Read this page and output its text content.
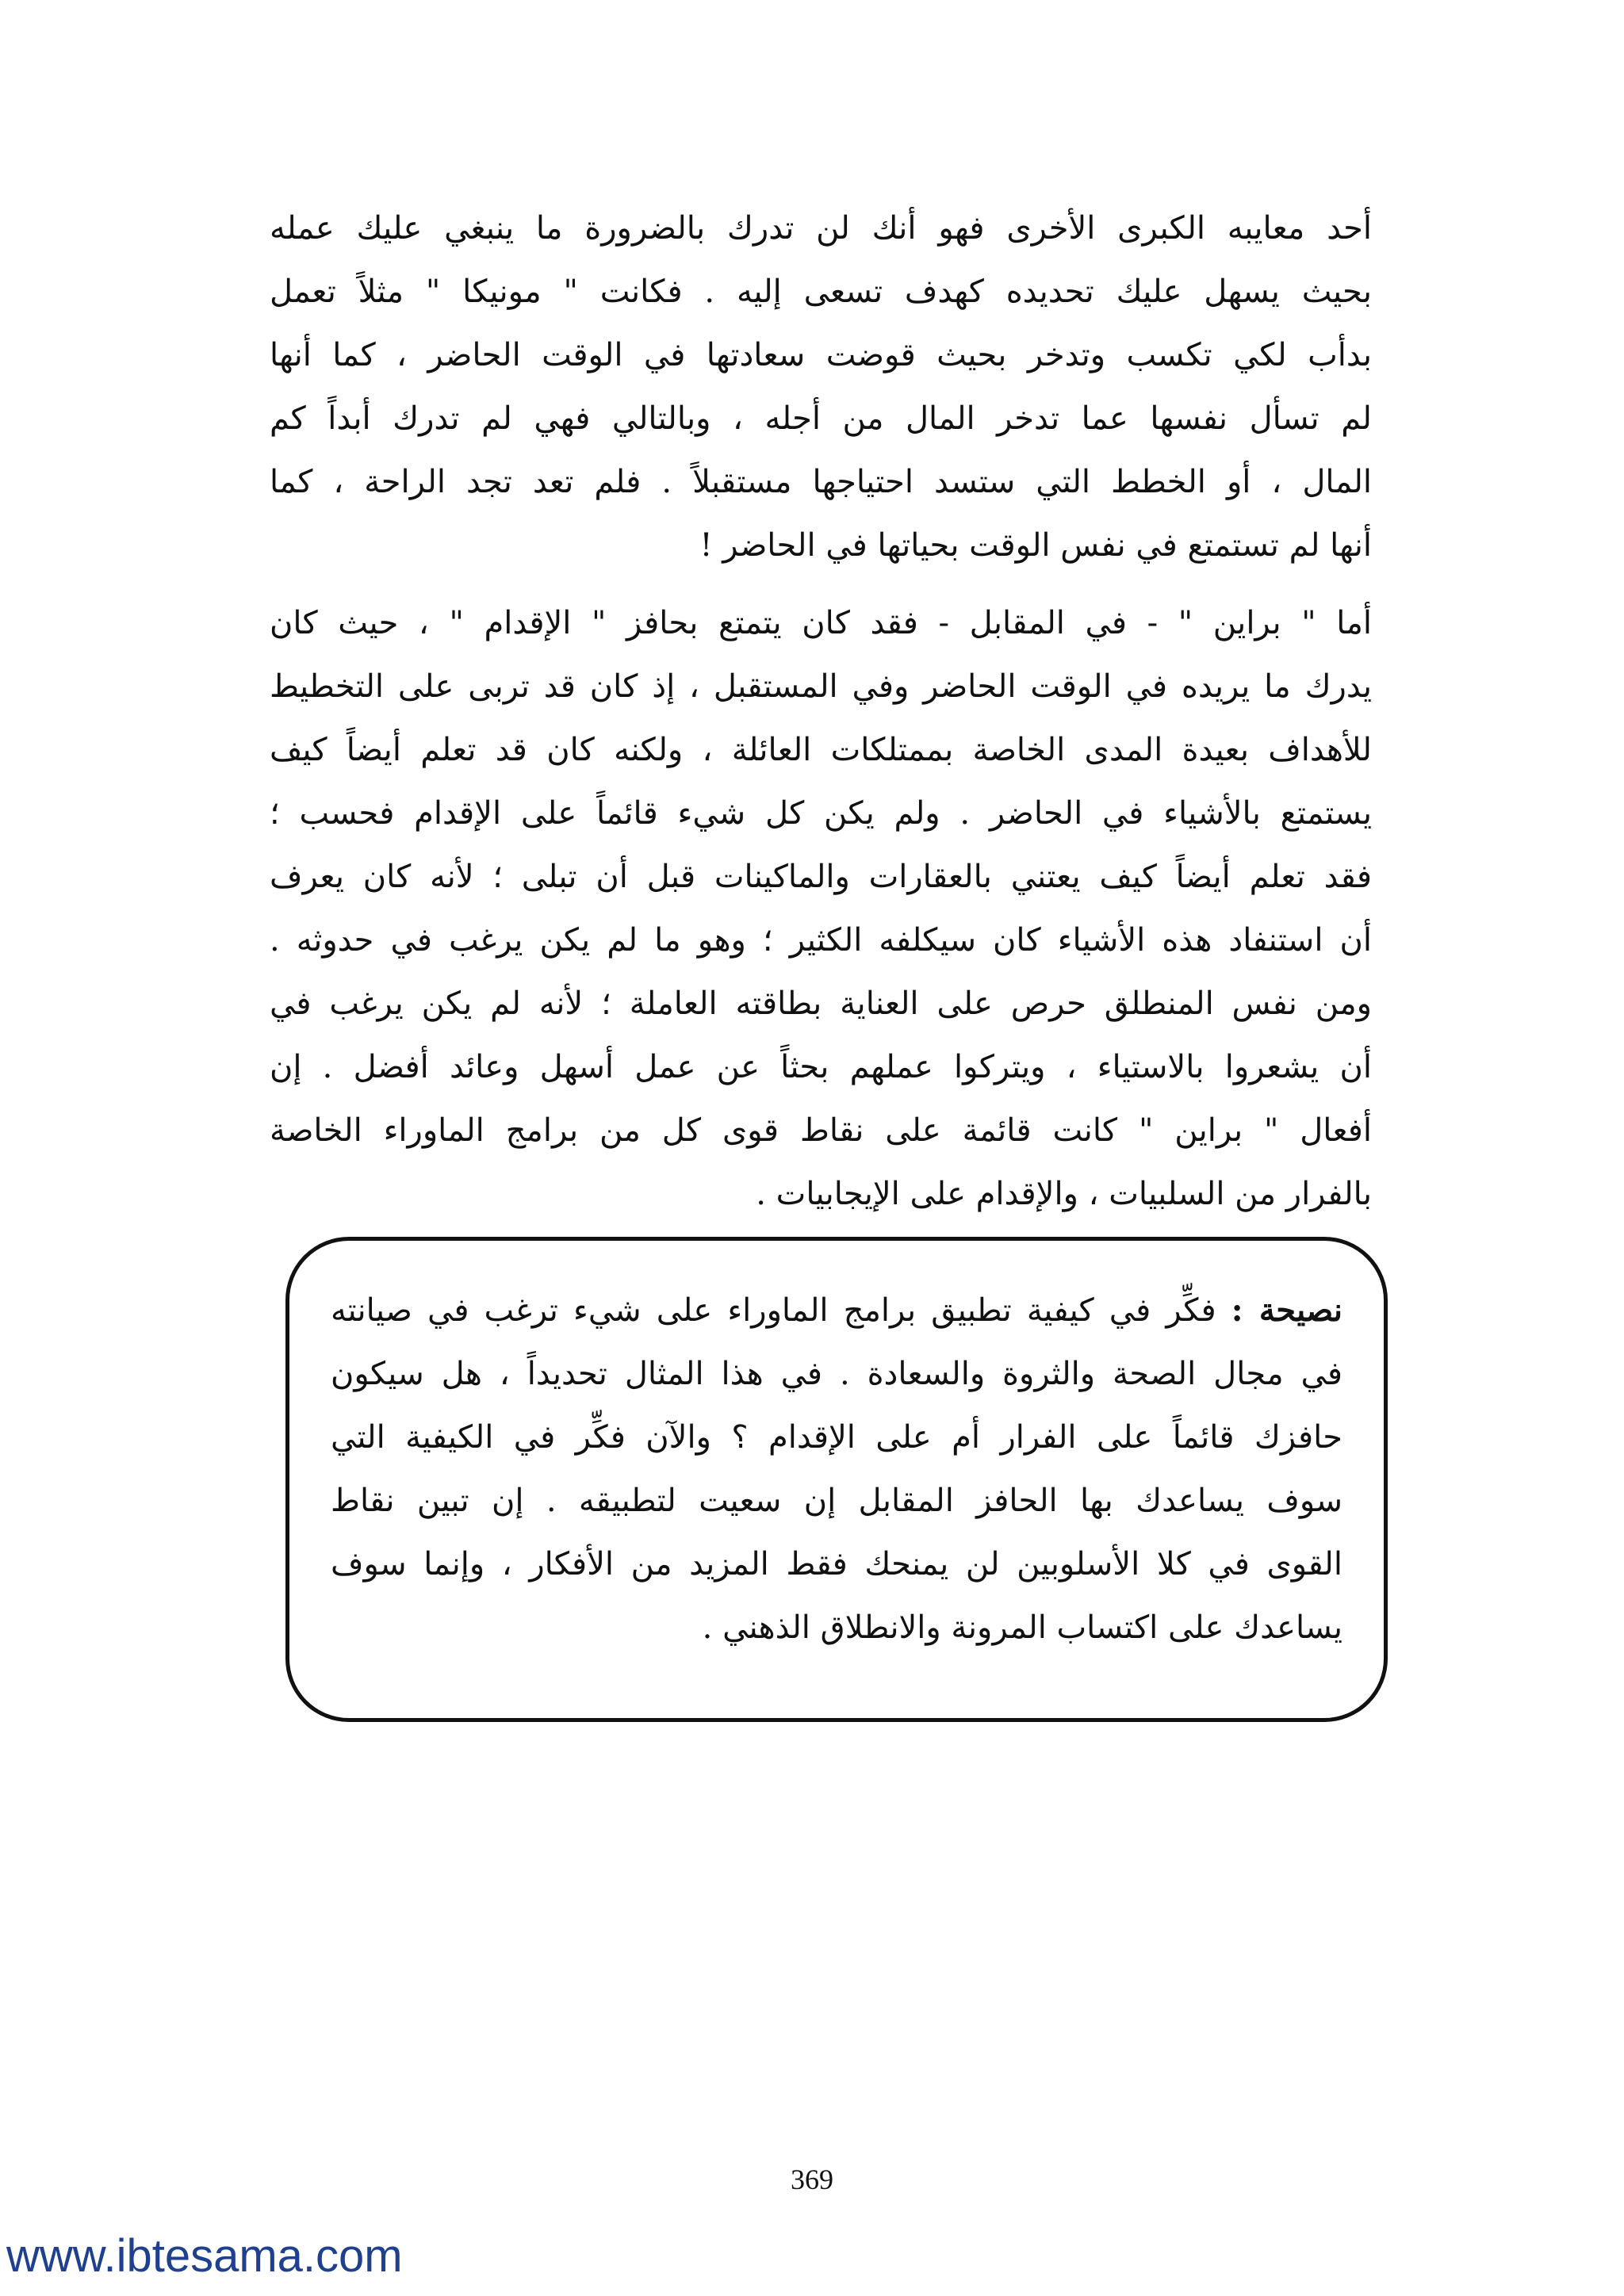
أحد معايبه الكبرى الأخرى فهو أنك لن تدرك بالضرورة ما ينبغي عليك عمله
بحيث يسهل عليك تحديده كهدف تسعى إليه . فكانت " مونيكا " مثلاً تعمل
بدأب لكي تكسب وتدخر بحيث قوضت سعادتها في الوقت الحاضر ، كما أنها
لم تسأل نفسها عما تدخر المال من أجله ، وبالتالي فهي لم تدرك أبداً كم
المال ، أو الخطط التي ستسد احتياجها مستقبلاً . فلم تعد تجد الراحة ، كما
أنها لم تستمتع في نفس الوقت بحياتها في الحاضر !
أما " براين " - في المقابل - فقد كان يتمتع بحافز " الإقدام " ، حيث كان
يدرك ما يريده في الوقت الحاضر وفي المستقبل ، إذ كان قد تربى على التخطيط
للأهداف بعيدة المدى الخاصة بممتلكات العائلة ، ولكنه كان قد تعلم أيضاً كيف
يستمتع بالأشياء في الحاضر . ولم يكن كل شيء قائماً على الإقدام فحسب ؛
فقد تعلم أيضاً كيف يعتني بالعقارات والماكينات قبل أن تبلى ؛ لأنه كان يعرف
أن استنفاد هذه الأشياء كان سيكلفه الكثير ؛ وهو ما لم يكن يرغب في حدوثه .
ومن نفس المنطلق حرص على العناية بطاقته العاملة ؛ لأنه لم يكن يرغب في
أن يشعروا بالاستياء ، ويتركوا عملهم بحثاً عن عمل أسهل وعائد أفضل . إن
أفعال " براين " كانت قائمة على نقاط قوى كل من برامج الماوراء الخاصة
بالفرار من السلبيات ، والإقدام على الإيجابيات .
نصيحة : فكِّر في كيفية تطبيق برامج الماوراء على شيء ترغب في صيانته
في مجال الصحة والثروة والسعادة . في هذا المثال تحديداً ، هل سيكون
حافزك قائماً على الفرار أم على الإقدام ؟ والآن فكِّر في الكيفية التي
سوف يساعدك بها الحافز المقابل إن سعيت لتطبيقه . إن تبين نقاط
القوى في كلا الأسلوبين لن يمنحك فقط المزيد من الأفكار ، وإنما سوف
يساعدك على اكتساب المرونة والانطلاق الذهني .
369
www.ibtesama.com
